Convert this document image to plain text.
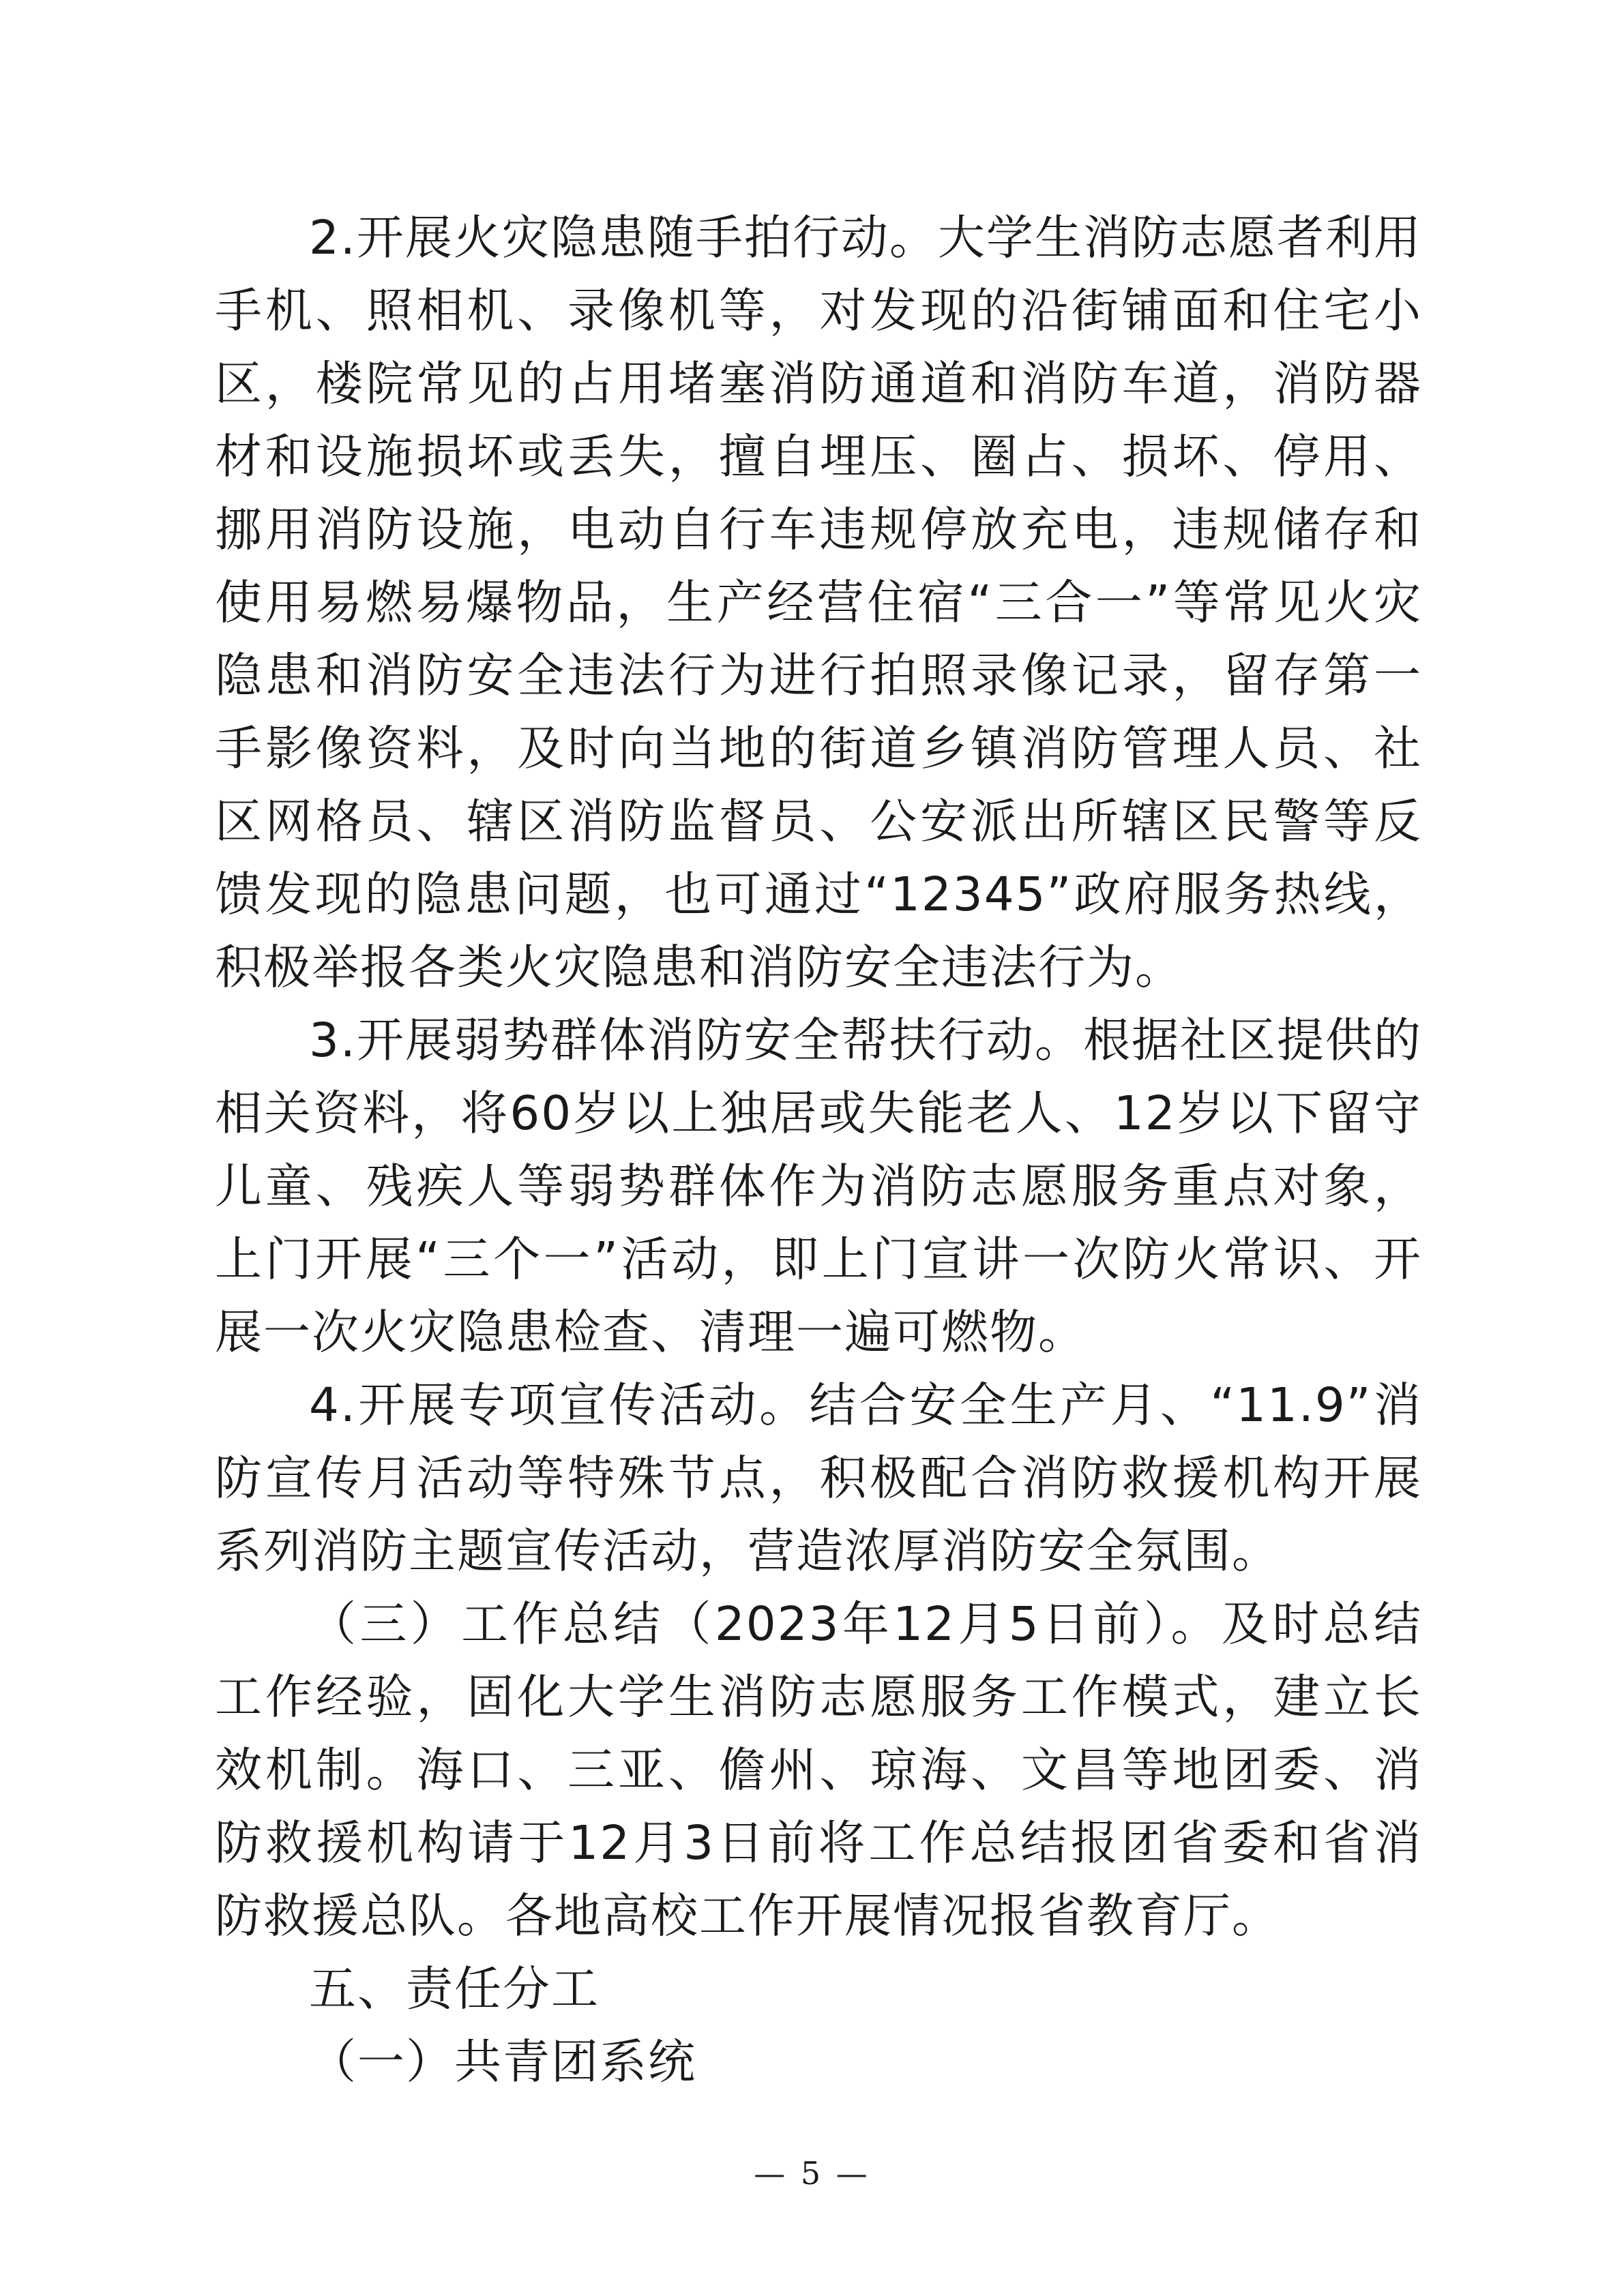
2.开展火灾隐患随手拍行动。大学生消防志愿者利用手机、照相机、录像机等，对发现的沿街铺面和住宅小区，楼院常见的占用堵塞消防通道和消防车道，消防器材和设施损坏或丢失，擅自埋压、圈占、损坏、停用、挪用消防设施，电动自行车违规停放充电，违规储存和使用易燃易爆物品，生产经营住宿“三合一”等常见火灾隐患和消防安全违法行为进行拍照录像记录，留存第一手影像资料，及时向当地的街道乡镇消防管理人员、社区网格员、辖区消防监督员、公安派出所辖区民警等反馈发现的隐患问题，也可通过“12345”政府服务热线，积极举报各类火灾隐患和消防安全违法行为。

3.开展弱势群体消防安全帮扶行动。根据社区提供的相关资料，将60岁以上独居或失能老人、12岁以下留守儿童、残疾人等弱势群体作为消防志愿服务重点对象，上门开展“三个一”活动，即上门宣讲一次防火常识、开展一次火灾隐患检查、清理一遍可燃物。

4.开展专项宣传活动。结合安全生产月、“11.9”消防宣传月活动等特殊节点，积极配合消防救援机构开展系列消防主题宣传活动，营造浓厚消防安全氛围。

（三）工作总结（2023年12月5日前）。及时总结工作经验，固化大学生消防志愿服务工作模式，建立长效机制。海口、三亚、儋州、琼海、文昌等地团委、消防救援机构请于12月3日前将工作总结报团省委和省消防救援总队。各地高校工作开展情况报省教育厅。

五、责任分工

（一）共青团系统

— 5 —
